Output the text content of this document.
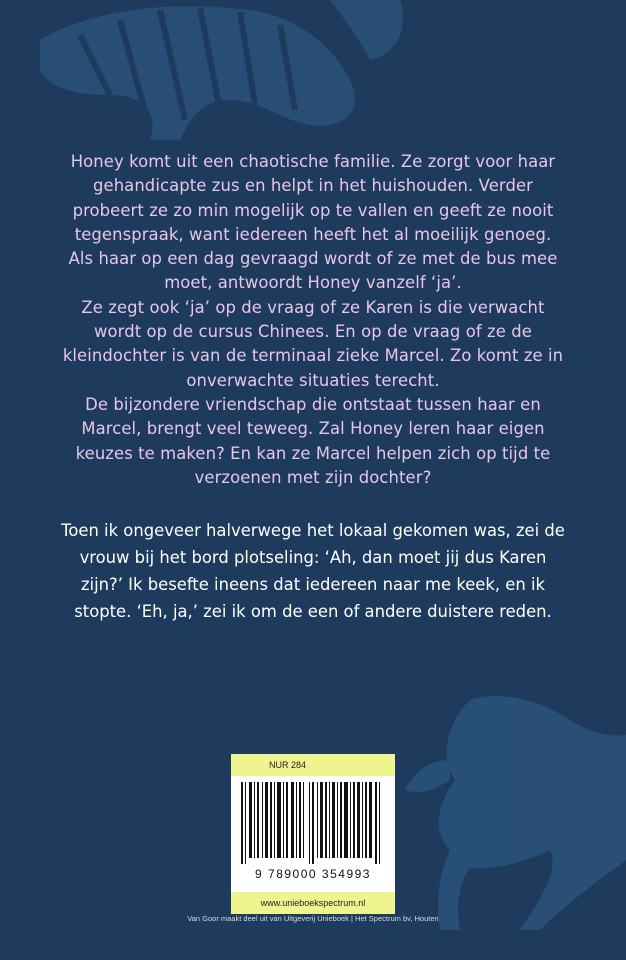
Honey komt uit een chaotische familie. Ze zorgt voor haar gehandicapte zus en helpt in het huishouden. Verder probeert ze zo min mogelijk op te vallen en geeft ze nooit tegenspraak, want iedereen heeft het al moeilijk genoeg. Als haar op een dag gevraagd wordt of ze met de bus mee moet, antwoordt Honey vanzelf ‘ja’.

Ze zegt ook ‘ja’ op de vraag of ze Karen is die verwacht wordt op de cursus Chinees. En op de vraag of ze de kleindochter is van de terminaal zieke Marcel. Zo komt ze in onverwachte situaties terecht.

De bijzondere vriendschap die ontstaat tussen haar en Marcel, brengt veel teweeg. Zal Honey leren haar eigen keuzes te maken? En kan ze Marcel helpen zich op tijd te verzoenen met zijn dochter?

Toen ik ongeveer halverwege het lokaal gekomen was, zei de vrouw bij het bord plotseling: ‘Ah, dan moet jij dus Karen zijn?’ Ik besefte ineens dat iedereen naar me keek, en ik stopte. ‘Eh, ja,’ zei ik om de een of andere duistere reden.

NUR 284
9 789000 354993
www.unieboekspectrum.nl
Van Goor maakt deel uit van Uitgeverij Unieboek | Het Spectrum bv, Houten
